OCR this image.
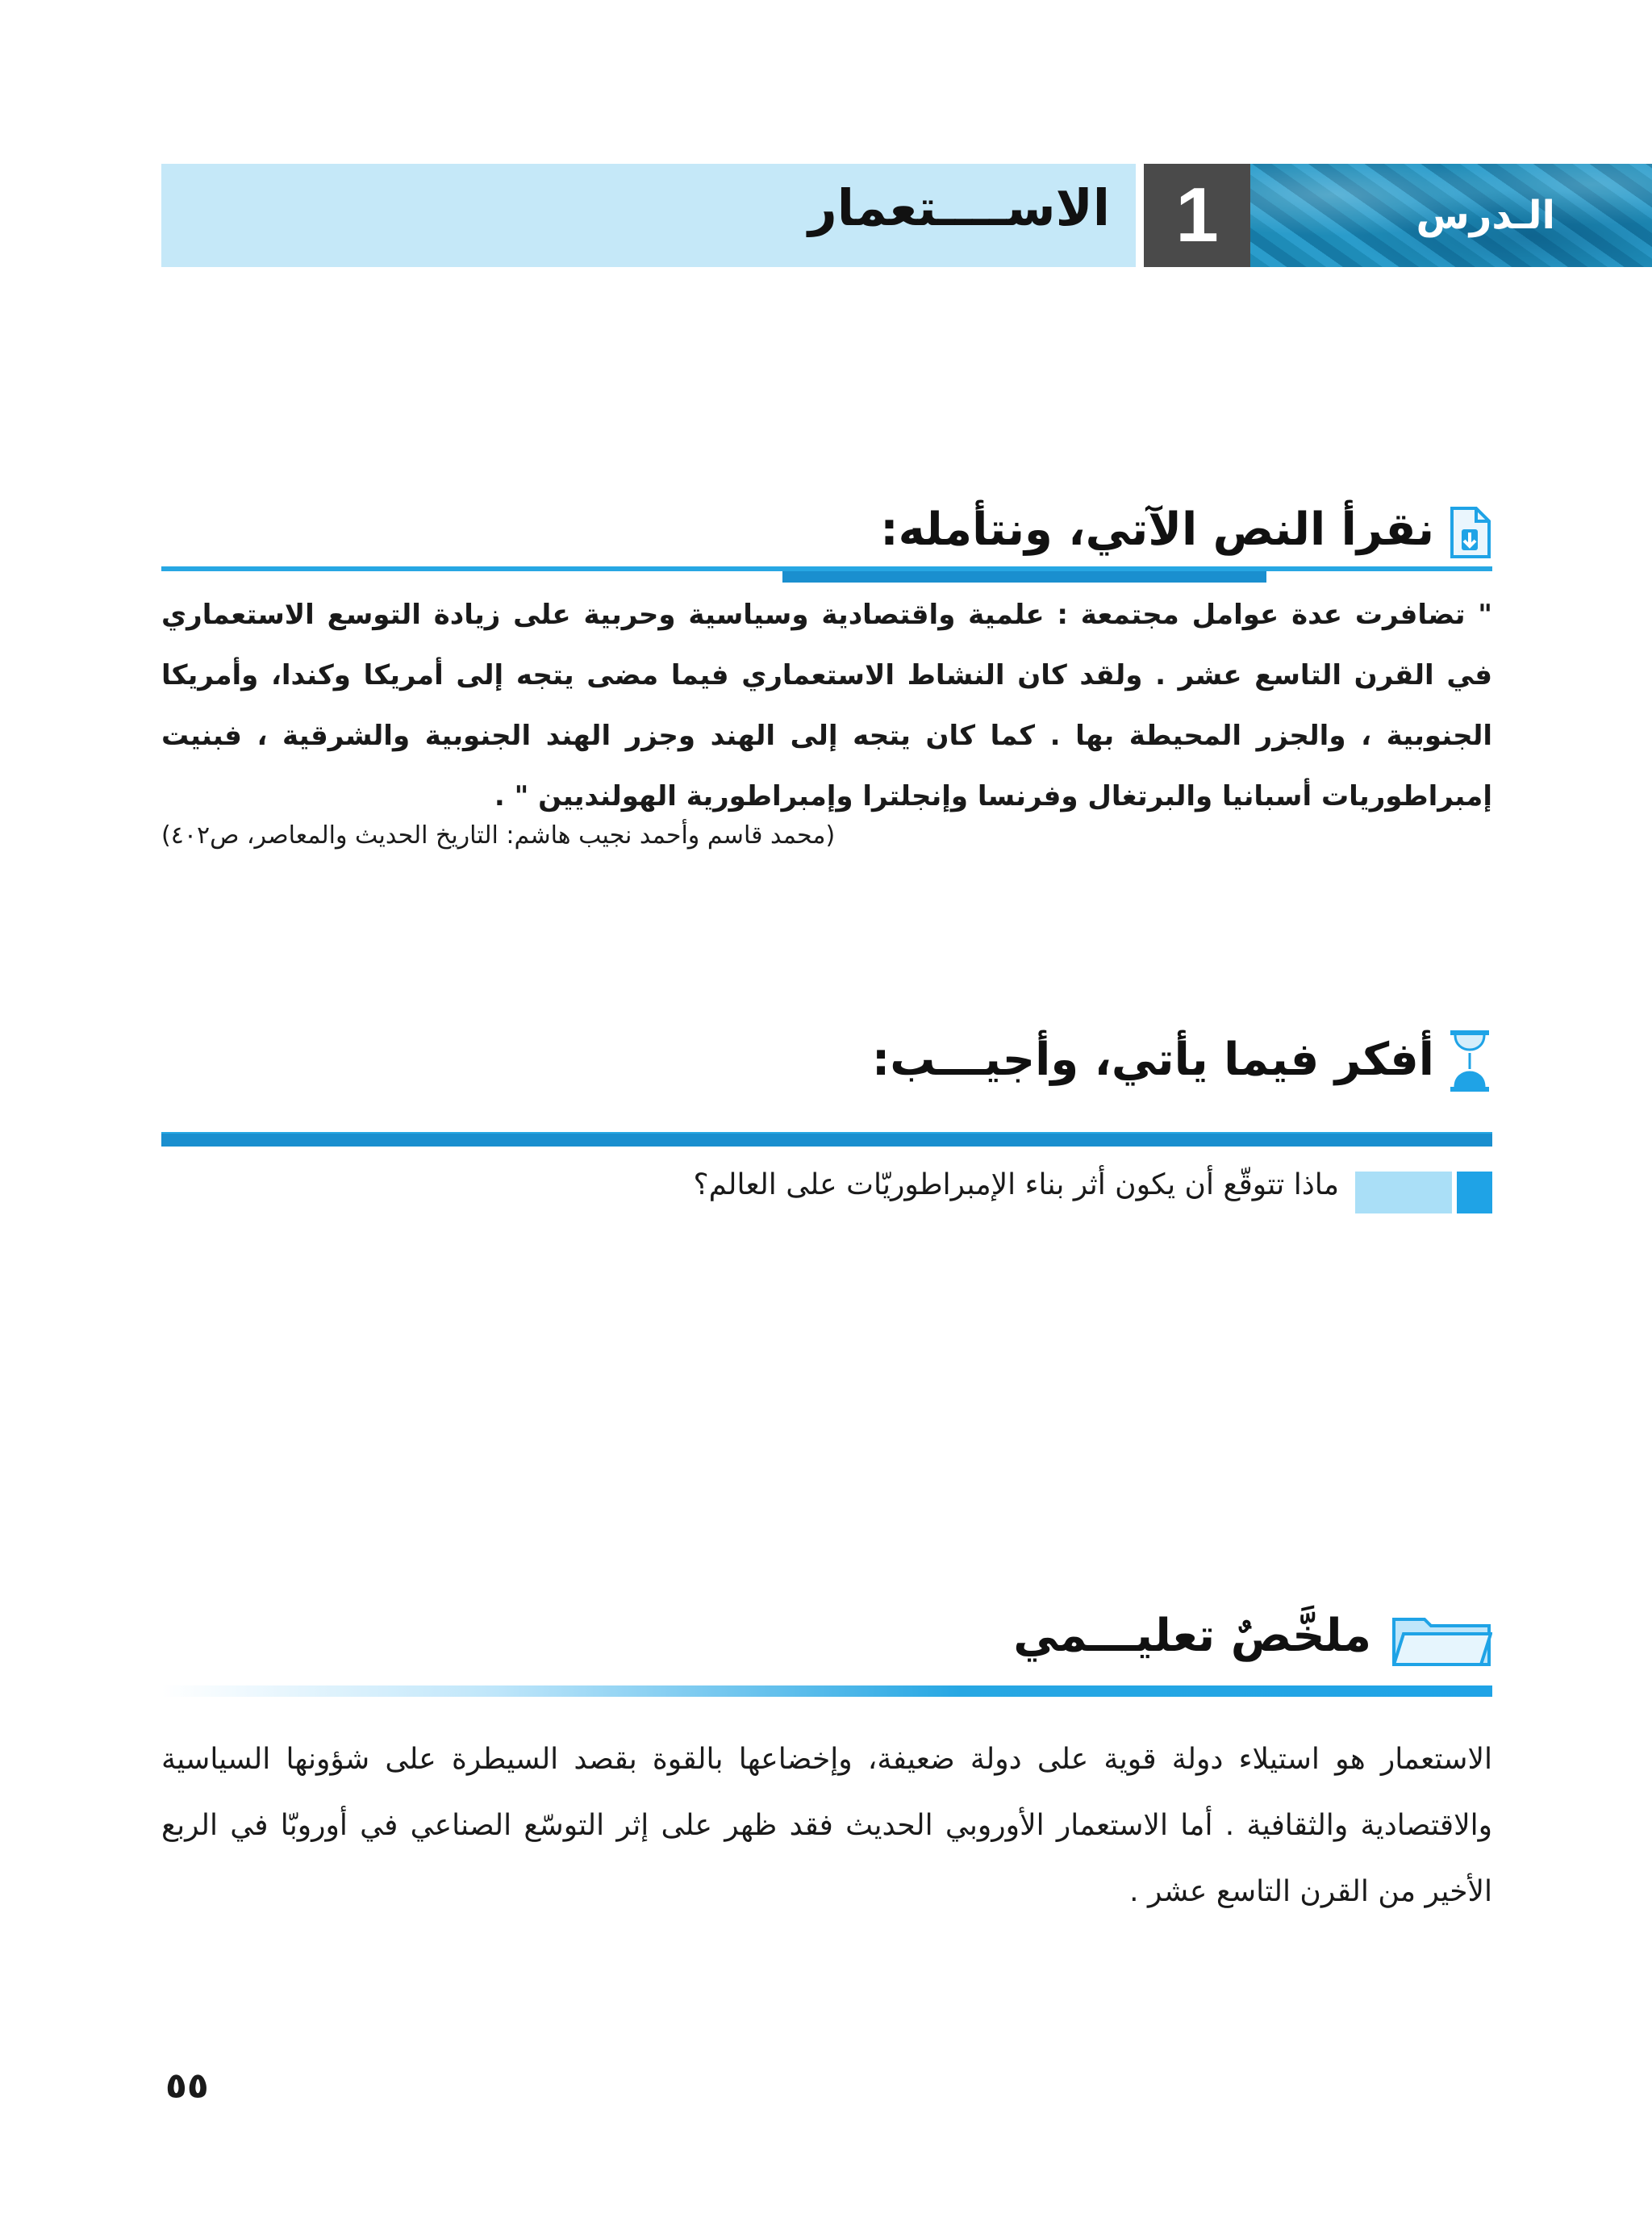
الاســــتعمار 1	الـدرس
نقرأ النص الآتي، ونتأمله:
" تضافرت عدة عوامل مجتمعة : علمية واقتصادية وسياسية وحربية على زيادة التوسع الاستعماري في القرن التاسع عشر . ولقد كان النشاط الاستعماري فيما مضى يتجه إلى أمريكا وكندا، وأمريكا الجنوبية ، والجزر المحيطة بها . كما كان يتجه إلى الهند وجزر الهند الجنوبية والشرقية ، فبنيت إمبراطوريات أسبانيا والبرتغال وفرنسا وإنجلترا وإمبراطورية الهولنديين " .
(محمد قاسم وأحمد نجيب هاشم: التاريخ الحديث والمعاصر، ص٤٠٢)
أفكر فيما يأتي، وأجيـــب:
ماذا تتوقّع أن يكون أثر بناء الإمبراطوريّات على العالم؟
ملخَّصٌ تعليـــمي
الاستعمار هو استيلاء دولة قوية على دولة ضعيفة، وإخضاعها بالقوة بقصد السيطرة على شؤونها السياسية والاقتصادية والثقافية . أما الاستعمار الأوروبي الحديث فقد ظهر على إثر التوسّع الصناعي في أوروبّا في الربع الأخير من القرن التاسع عشر .
٥٥
